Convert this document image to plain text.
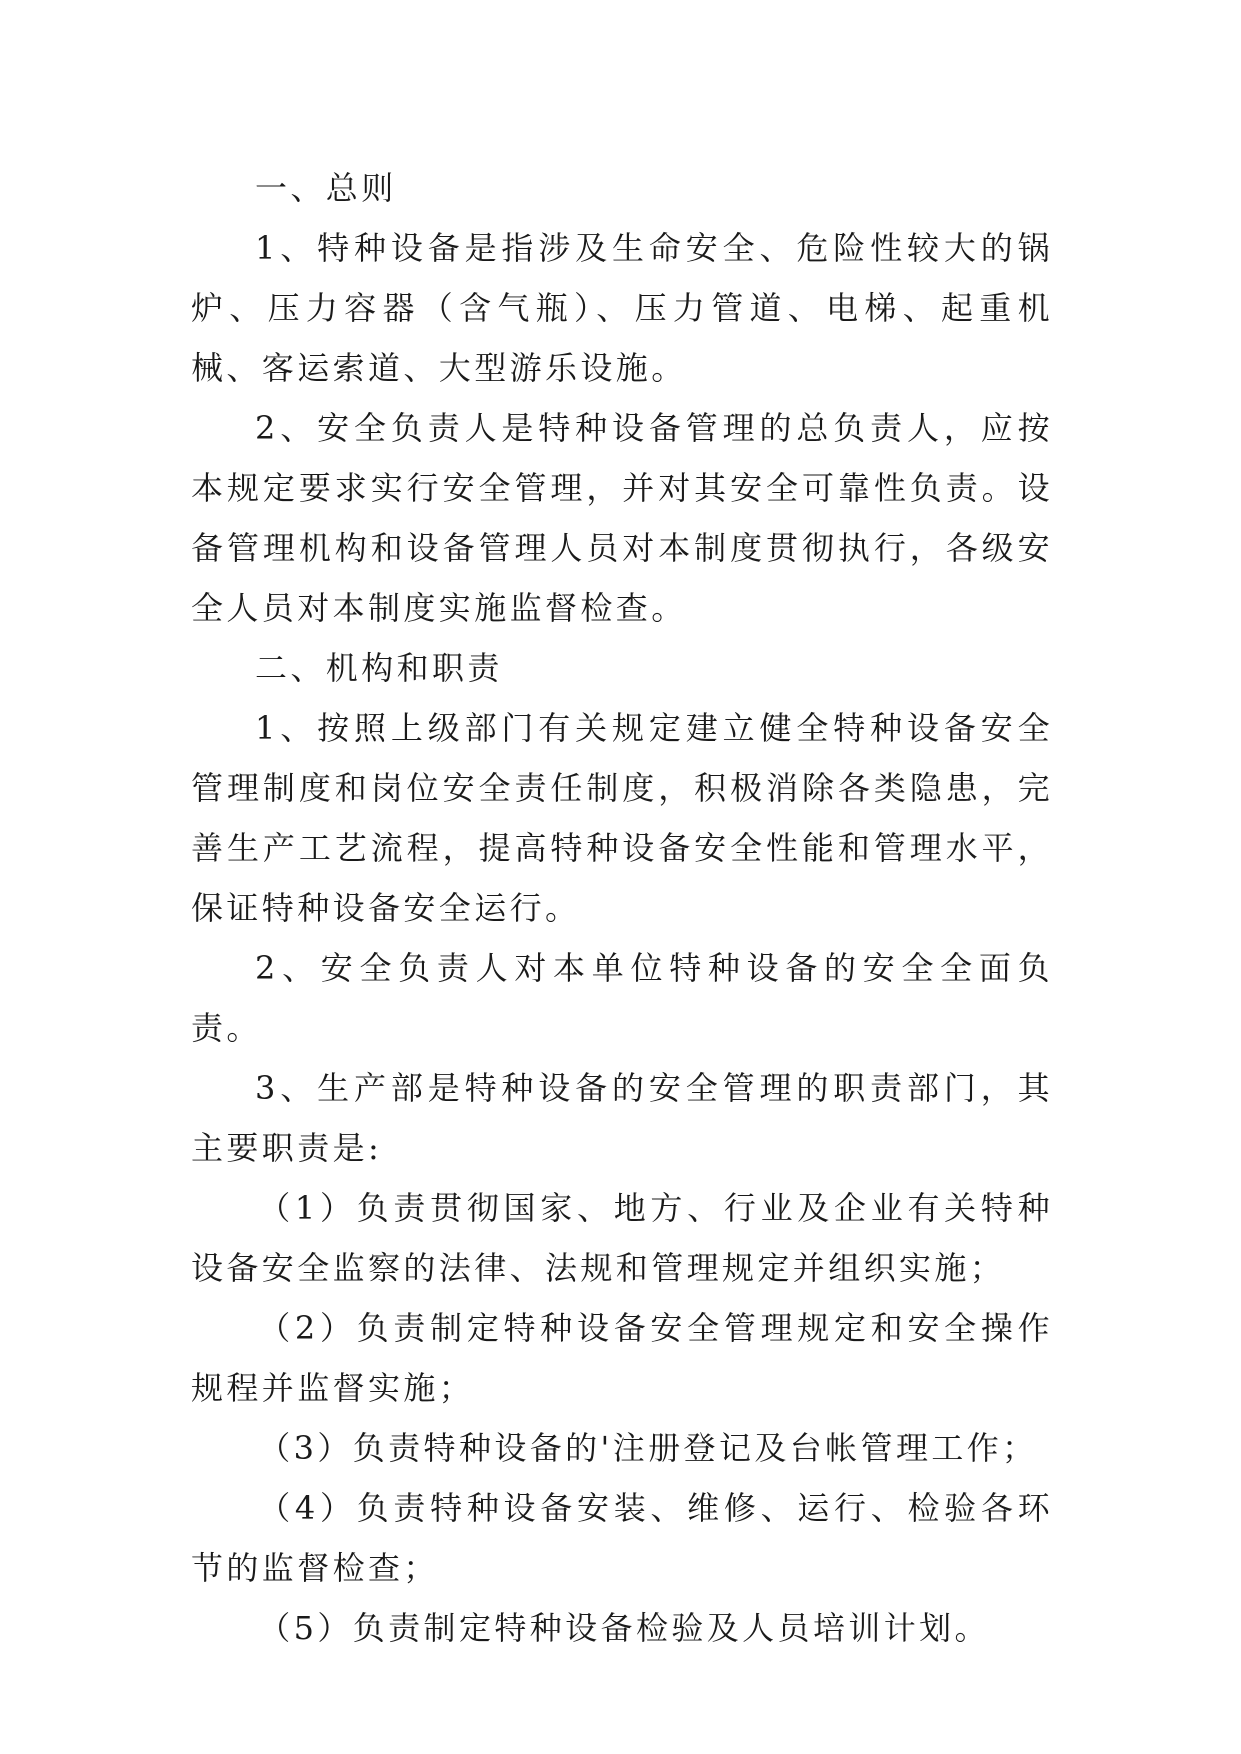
一、总则

1、特种设备是指涉及生命安全、危险性较大的锅炉、压力容器（含气瓶）、压力管道、电梯、起重机械、客运索道、大型游乐设施。

2、安全负责人是特种设备管理的总负责人，应按本规定要求实行安全管理，并对其安全可靠性负责。设备管理机构和设备管理人员对本制度贯彻执行，各级安全人员对本制度实施监督检查。

二、机构和职责

1、按照上级部门有关规定建立健全特种设备安全管理制度和岗位安全责任制度，积极消除各类隐患，完善生产工艺流程，提高特种设备安全性能和管理水平，保证特种设备安全运行。

2、安全负责人对本单位特种设备的安全全面负责。

3、生产部是特种设备的安全管理的职责部门，其主要职责是:

（1）负责贯彻国家、地方、行业及企业有关特种设备安全监察的法律、法规和管理规定并组织实施；

（2）负责制定特种设备安全管理规定和安全操作规程并监督实施；

（3）负责特种设备的'注册登记及台帐管理工作；

（4）负责特种设备安装、维修、运行、检验各环节的监督检查；

（5）负责制定特种设备检验及人员培训计划。
